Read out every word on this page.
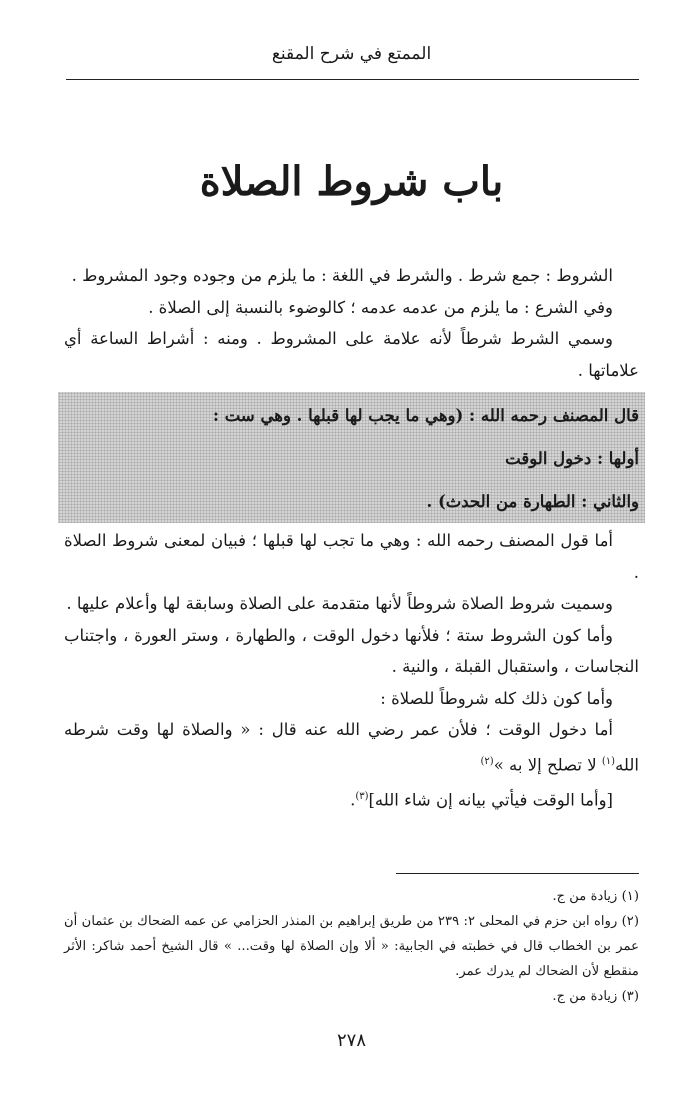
الممتع في شرح المقنع
باب شروط الصلاة

الشروط : جمع شرط . والشرط في اللغة : ما يلزم من وجوده وجود المشروط .

وفي الشرع : ما يلزم من عدمه عدمه ؛ كالوضوء بالنسبة إلى الصلاة .

وسمي الشرط شرطاً لأنه علامة على المشروط . ومنه : أشراط الساعة أي علاماتها .

قال المصنف رحمه الله : (وهي ما يجب لها قبلها . وهي ست :

أولها : دخول الوقت

والثاني : الطهارة من الحدث) .

أما قول المصنف رحمه الله : وهي ما تجب لها قبلها ؛ فبيان لمعنى شروط الصلاة .

وسميت شروط الصلاة شروطاً لأنها متقدمة على الصلاة وسابقة لها وأعلام عليها .

وأما كون الشروط ستة ؛ فلأنها دخول الوقت ، والطهارة ، وستر العورة ، واجتناب النجاسات ، واستقبال القبلة ، والنية .

وأما كون ذلك كله شروطاً للصلاة :

أما دخول الوقت ؛ فلأن عمر رضي الله عنه قال : « والصلاة لها وقت شرطه الله$^{(١)}$ لا تصلح إلا به »$^{(٢)}$

[وأما الوقت فيأتي بيانه إن شاء الله]$^{(٣)}$.

(١) زيادة من ج.

(٢) رواه ابن حزم في المحلى ٢: ٢٣٩ من طريق إبراهيم بن المنذر الحزامي عن عمه الضحاك بن عثمان أن عمر بن الخطاب قال في خطبته في الجابية: « ألا وإن الصلاة لها وقت... » قال الشيخ أحمد شاكر: الأثر منقطع لأن الضحاك لم يدرك عمر.

(٣) زيادة من ج.

٢٧٨
